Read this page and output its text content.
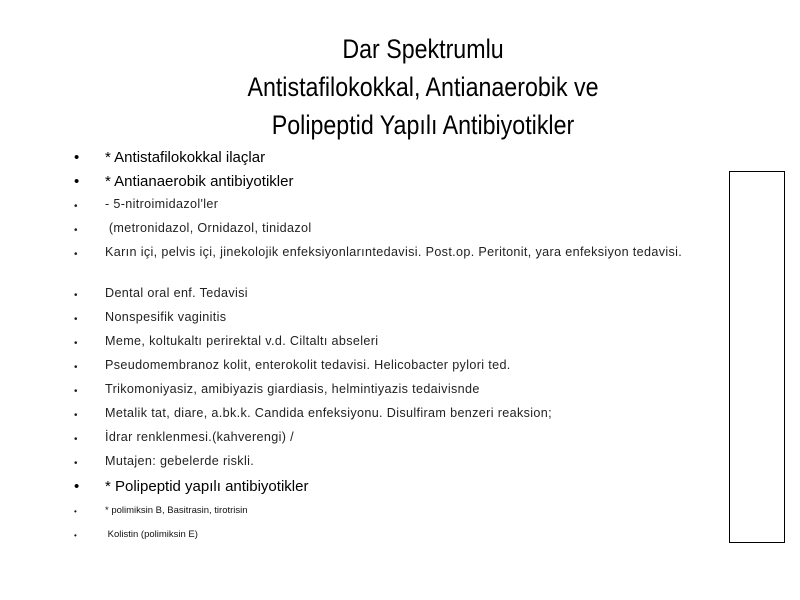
Dar Spektrumlu
Antistafilokokkal, Antianaerobik ve
Polipeptid Yapılı Antibiyotikler
• * Antistafilokokkal ilaçlar
• * Antianaerobik antibiyotikler
• - 5-nitroimidazol'ler
• (metronidazol, Ornidazol, tinidazol
• Karın içi, pelvis içi, jinekolojik enfeksiyonlarıntedavisi. Post.op. Peritonit, yara enfeksiyon tedavisi.
• Dental oral enf. Tedavisi
• Nonspesifik vaginitis
• Meme, koltukaltı perirektal v.d. Ciltaltı abseleri
• Pseudomembranoz kolit, enterokolit tedavisi. Helicobacter pylori ted.
• Trikomoniyasiz, amibiyazis giardiasis, helmintiyazis tedaivisnde
• Metalik tat, diare, a.bk.k. Candida enfeksiyonu. Disulfiram benzeri reaksion;
• İdrar renklenmesi.(kahverengi) /
• Mutajen: gebelerde riskli.
• * Polipeptid yapılı antibiyotikler
•	* polimiksin B, Basitrasin, tirotrisin
•	Kolistin (polimiksin E)
